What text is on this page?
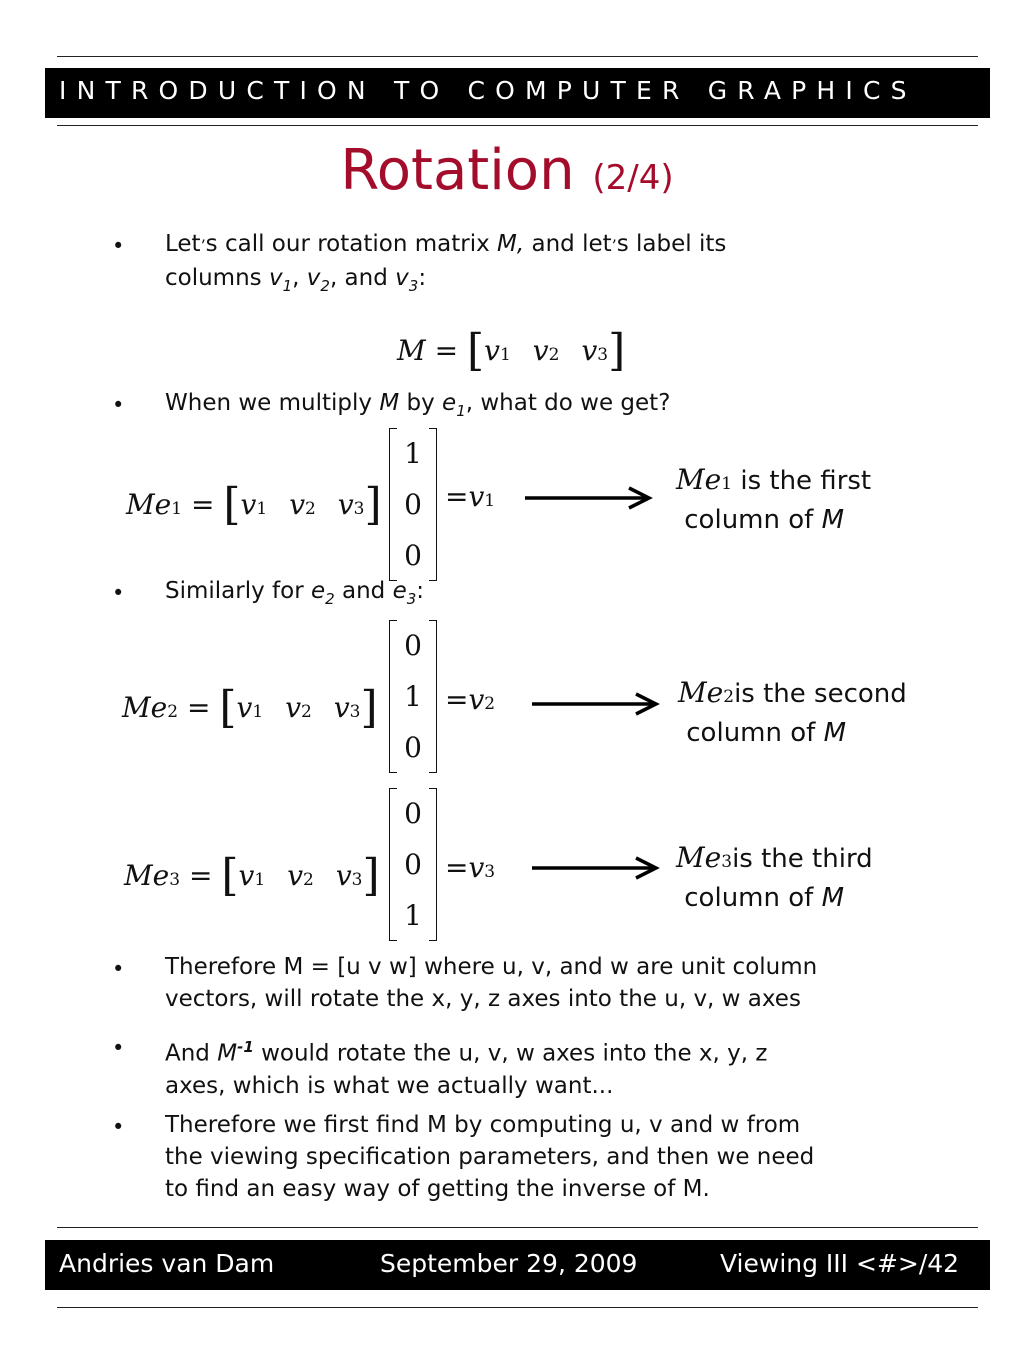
INTRODUCTION TO COMPUTER GRAPHICS
Rotation (2/4)
• Let’s call our rotation matrix M, and let’s label its
columns $v_1$, $v_2$, and $v_3$:
M = [v1 v2 v3]
• When we multiply M by $e_1$, what do we get?
Me1 = [v1 v2 v3]
1
0
0
=v1
Me1 is the first
column of M
• Similarly for $e_2$ and $e_3$:
Me2 = [v1 v2 v3]
0
1
0
=v2	Me2is the second
column of M
Me3 = [v1 v2 v3]
0
0
1
=v3	Me3is the third
column of M
• Therefore M = [u v w] where u, v, and w are unit column
vectors, will rotate the x, y, z axes into the u, v, w axes
• And $M^{-1}$ would rotate the u, v, w axes into the x, y, z
axes, which is what we actually want...
• Therefore we first find M by computing u, v and w from
the viewing specification parameters, and then we need
to find an easy way of getting the inverse of M.
Andries van Dam	September 29, 2009	Viewing III <#>/42
